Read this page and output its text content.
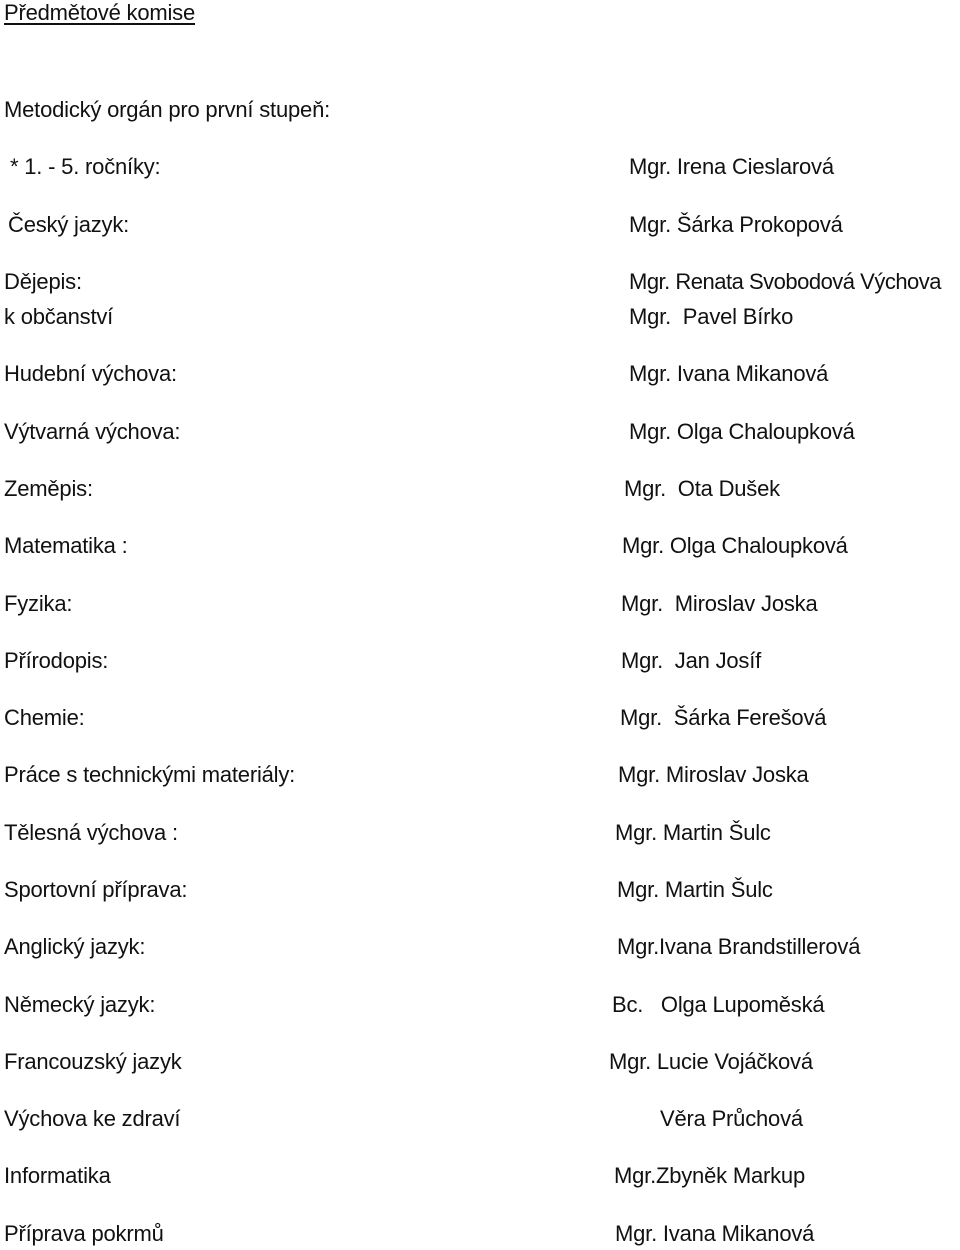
Předmětové komise
Metodický orgán pro první stupeň:
* 1. - 5. ročníky:
Český jazyk:
Dějepis:
k občanství
Hudební výchova:
Výtvarná výchova:
Zeměpis:
Matematika :
Fyzika:
Přírodopis:
Chemie:
Práce s technickými materiály:
Tělesná výchova :
Sportovní příprava:
Anglický jazyk:
Německý jazyk:
Francouzský jazyk
Výchova ke zdraví
Informatika
Příprava pokrmů
Mgr. Irena Cieslarová
Mgr. Šárka Prokopová
Mgr. Renata Svobodová Výchova
Mgr.  Pavel Bírko
Mgr. Ivana Mikanová
Mgr. Olga Chaloupková
Mgr.  Ota Dušek
Mgr. Olga Chaloupková
Mgr.  Miroslav Joska
Mgr.  Jan Josíf
Mgr.  Šárka Ferešová
Mgr. Miroslav Joska
Mgr. Martin Šulc
Mgr. Martin Šulc
Mgr.Ivana Brandstillerová
Bc.   Olga Lupoměská
Mgr. Lucie Vojáčková
Věra Průchová
Mgr.Zbyněk Markup
Mgr. Ivana Mikanová
